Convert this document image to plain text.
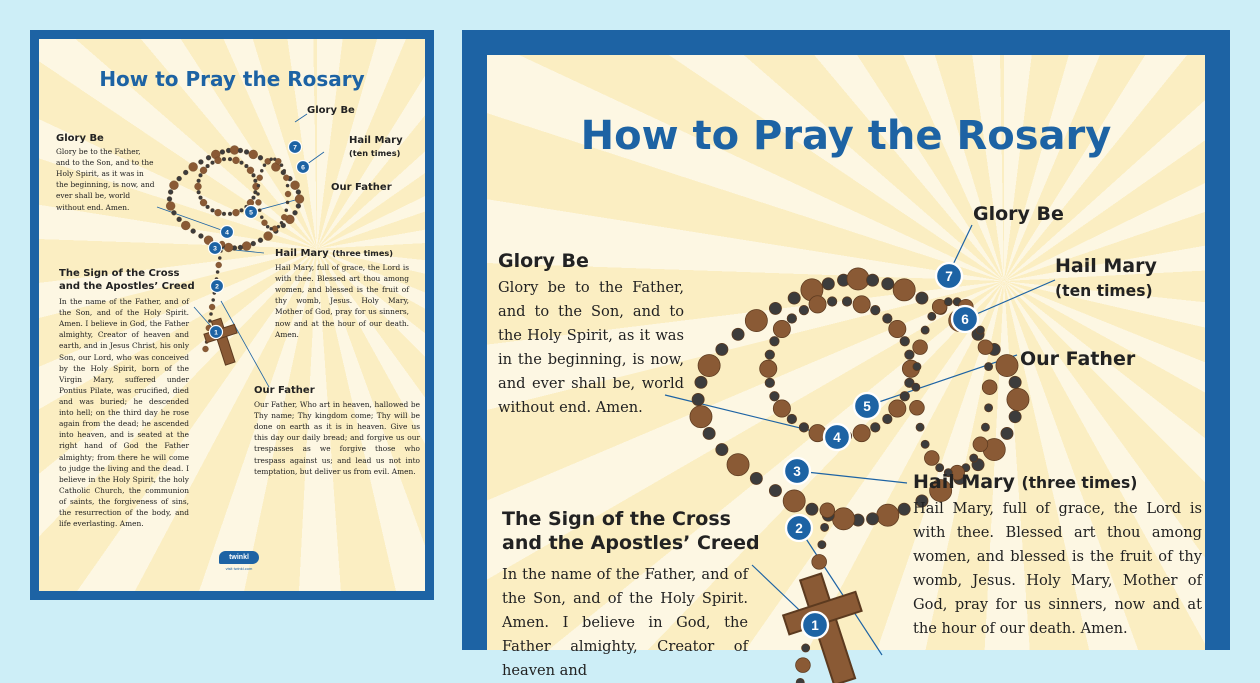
How to Pray the Rosary
1
2
3
4
5
6
7
Glory Be
Hail Mary
(ten times)
Our Father
Glory Be
Glory be to the Father, and to the Son, and to the Holy Spirit, as it was in the beginning, is now, and ever shall be, world without end. Amen.
Hail Mary (three times)
Hail Mary, full of grace, the Lord is with thee. Blessed art thou among women, and blessed is the fruit of thy womb, Jesus. Holy Mary, Mother of God, pray for us sinners, now and at the hour of our death. Amen.
The Sign of the Cross
and the Apostles’ Creed
In the name of the Father, and of the Son, and of the Holy Spirit. Amen. I believe in God, the Father almighty, Creator of heaven and earth, and in Jesus Christ, his only Son, our Lord, who was conceived by the Holy Spirit, born of the Virgin Mary, suffered under Pontius Pilate, was crucified, died and was buried; he descended into hell; on the third day he rose again from the dead; he ascended into heaven, and is seated at the right hand of God the Father almighty; from there he will come to judge the living and the dead. I believe in the Holy Spirit, the holy Catholic Church, the communion of saints, the forgiveness of sins, the resurrection of the body, and life everlasting. Amen.
Our Father
Our Father, Who art in heaven, hallowed be Thy name; Thy kingdom come; Thy will be done on earth as it is in heaven. Give us this day our daily bread; and forgive us our trespasses as we forgive those who trespass against us; and lead us not into temptation, but deliver us from evil. Amen.
twinkl
visit twinkl.com
How to Pray the Rosary
1
2
3
4
5
6
7
Glory Be
Hail Mary
(ten times)
Our Father
Glory Be
Glory be to the Father, and to the Son, and to the Holy Spirit, as it was in the beginning, is now, and ever shall be, world without end. Amen.
Hail Mary (three times)
Hail Mary, full of grace, the Lord is with thee. Blessed art thou among women, and blessed is the fruit of thy womb, Jesus. Holy Mary, Mother of God, pray for us sinners, now and at the hour of our death. Amen.
The Sign of the Cross
and the Apostles’ Creed
In the name of the Father, and of the Son, and of the Holy Spirit. Amen. I believe in God, the Father almighty, Creator of heaven and
